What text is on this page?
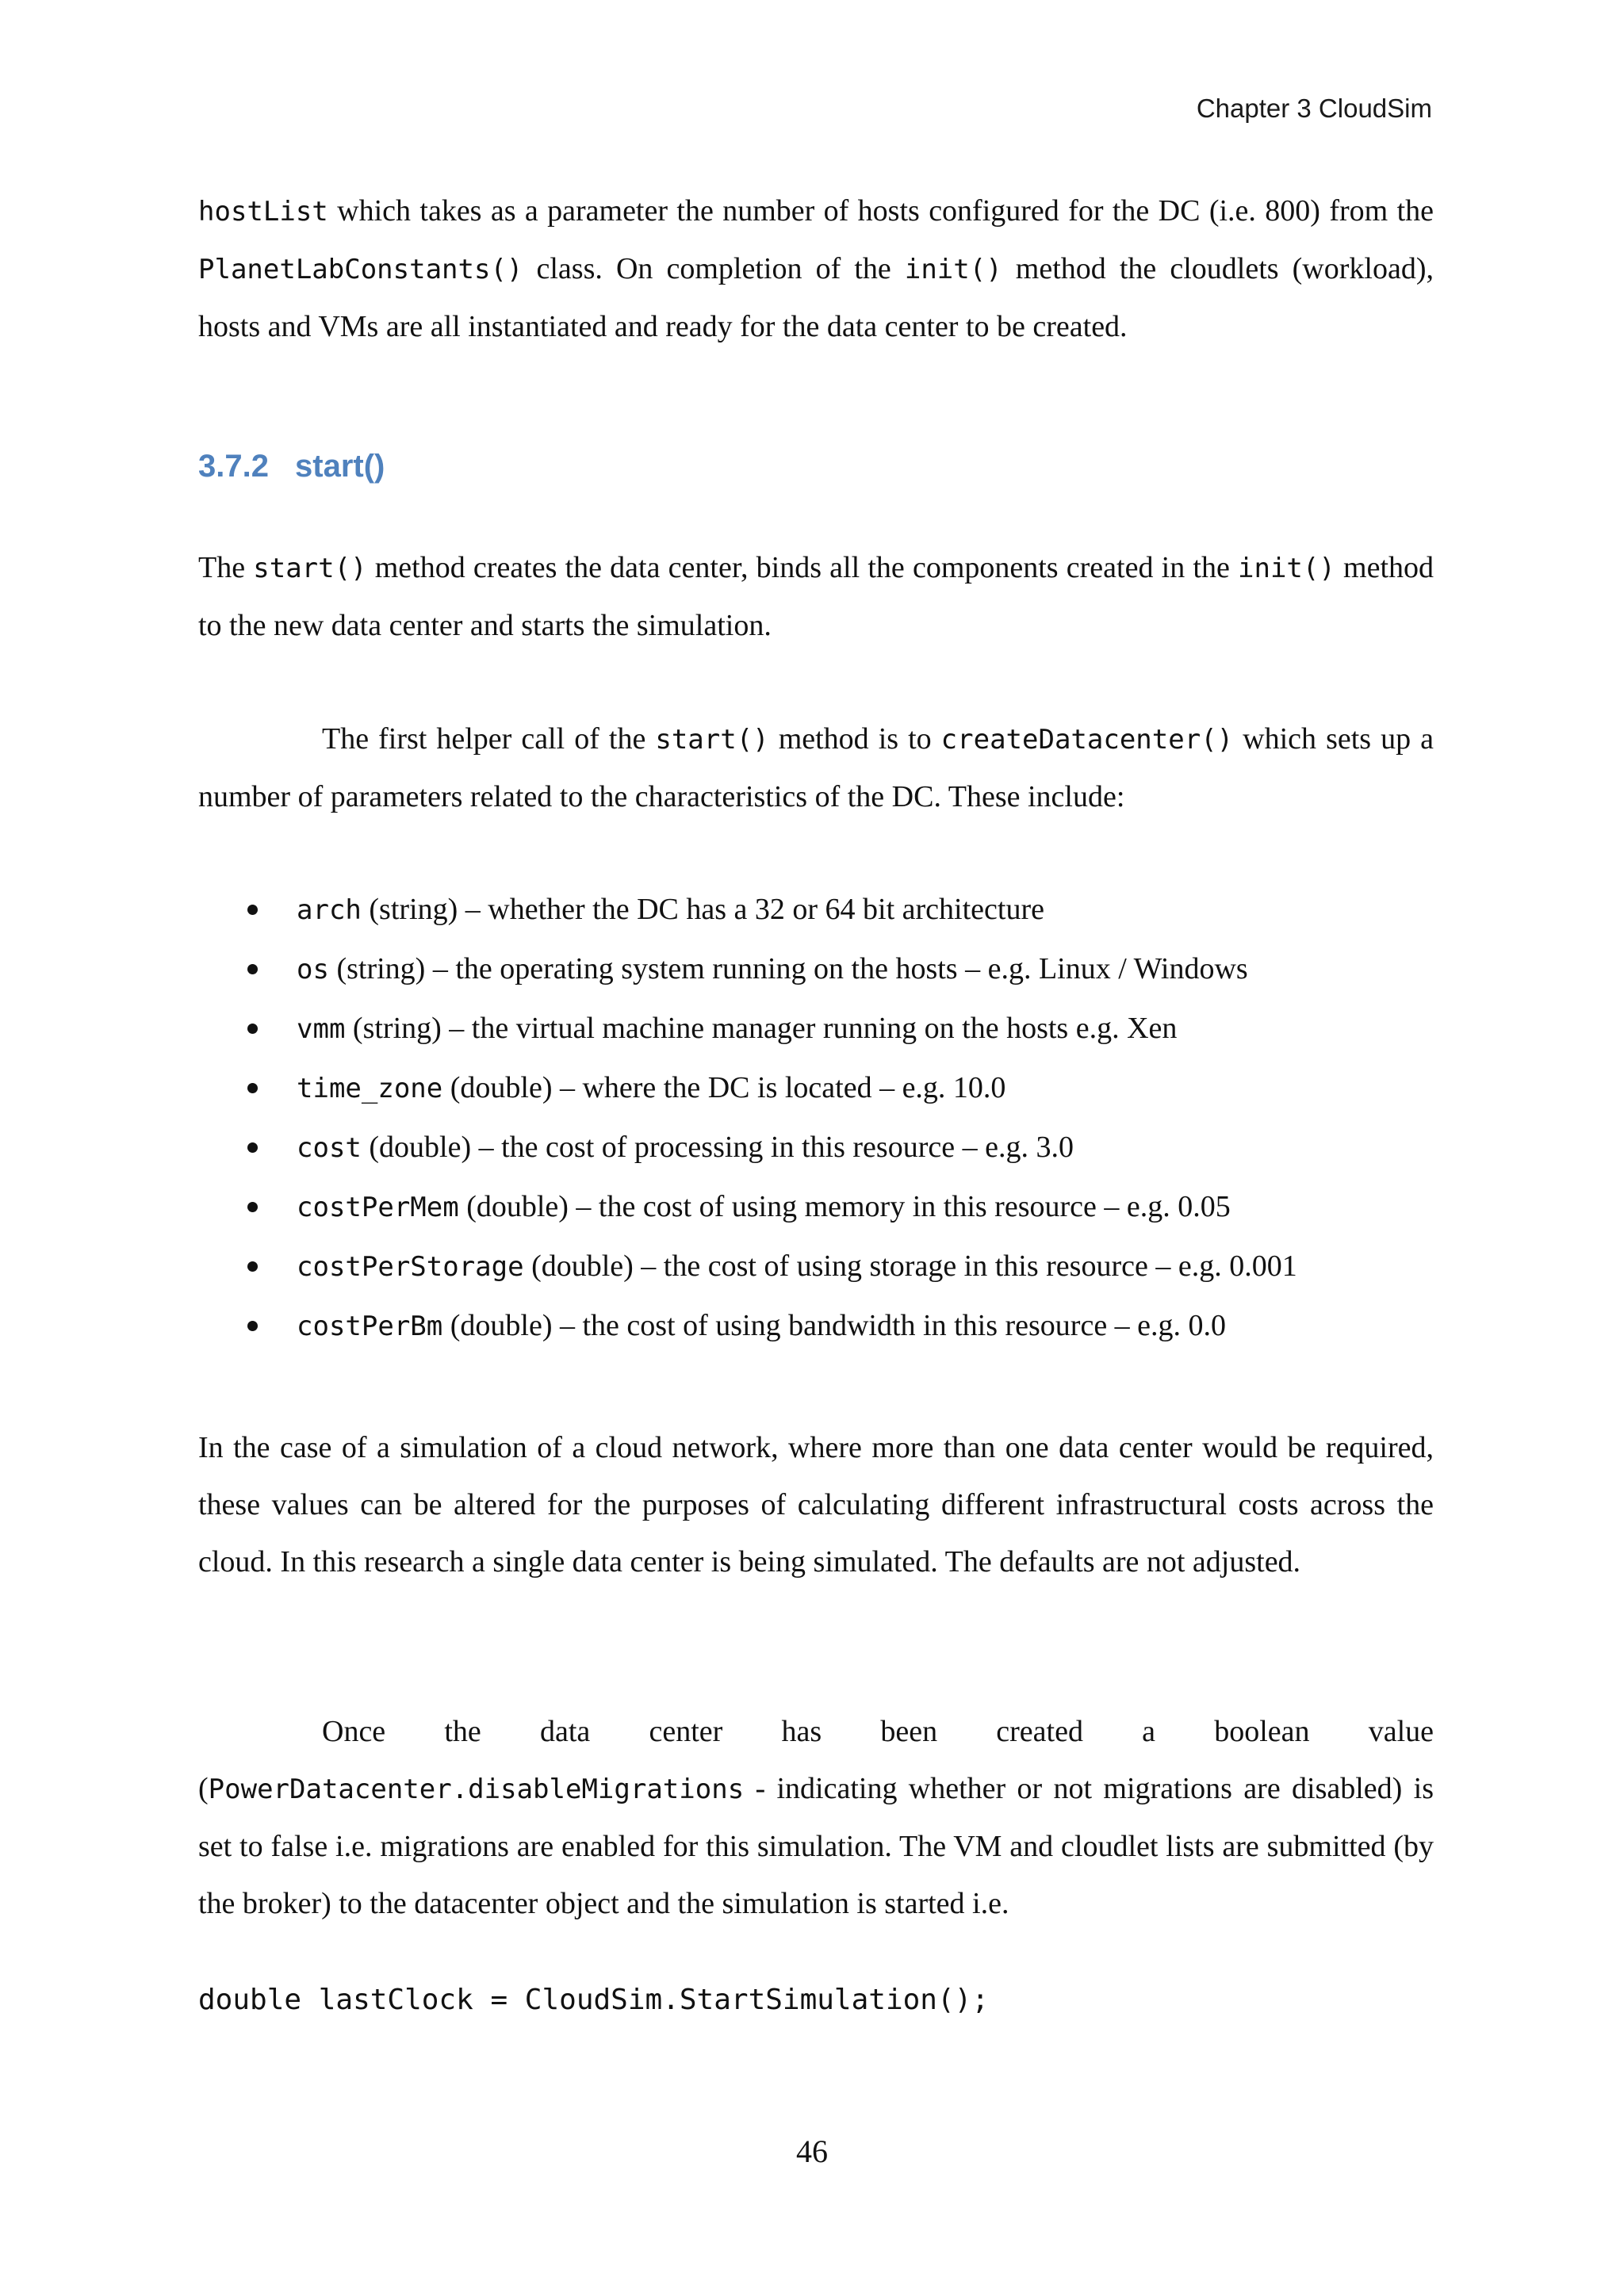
Chapter 3 CloudSim

hostList which takes as a parameter the number of hosts configured for the DC (i.e. 800) from the PlanetLabConstants() class. On completion of the init() method the cloudlets (workload), hosts and VMs are all instantiated and ready for the data center to be created.

3.7.2 start()

The start() method creates the data center, binds all the components created in the init() method to the new data center and starts the simulation.

The first helper call of the start() method is to createDatacenter() which sets up a number of parameters related to the characteristics of the DC. These include:

arch (string) – whether the DC has a 32 or 64 bit architecture
os (string) – the operating system running on the hosts – e.g. Linux / Windows
vmm (string) – the virtual machine manager running on the hosts e.g. Xen
time_zone (double) – where the DC is located – e.g. 10.0
cost (double) – the cost of processing in this resource – e.g. 3.0
costPerMem (double) – the cost of using memory in this resource – e.g. 0.05
costPerStorage (double) – the cost of using storage in this resource – e.g. 0.001
costPerBm (double) – the cost of using bandwidth in this resource – e.g. 0.0

In the case of a simulation of a cloud network, where more than one data center would be required, these values can be altered for the purposes of calculating different infrastructural costs across the cloud. In this research a single data center is being simulated. The defaults are not adjusted.

Once the data center has been created a boolean value (PowerDatacenter.disableMigrations - indicating whether or not migrations are disabled) is set to false i.e. migrations are enabled for this simulation. The VM and cloudlet lists are submitted (by the broker) to the datacenter object and the simulation is started i.e.

double lastClock = CloudSim.StartSimulation();
46
